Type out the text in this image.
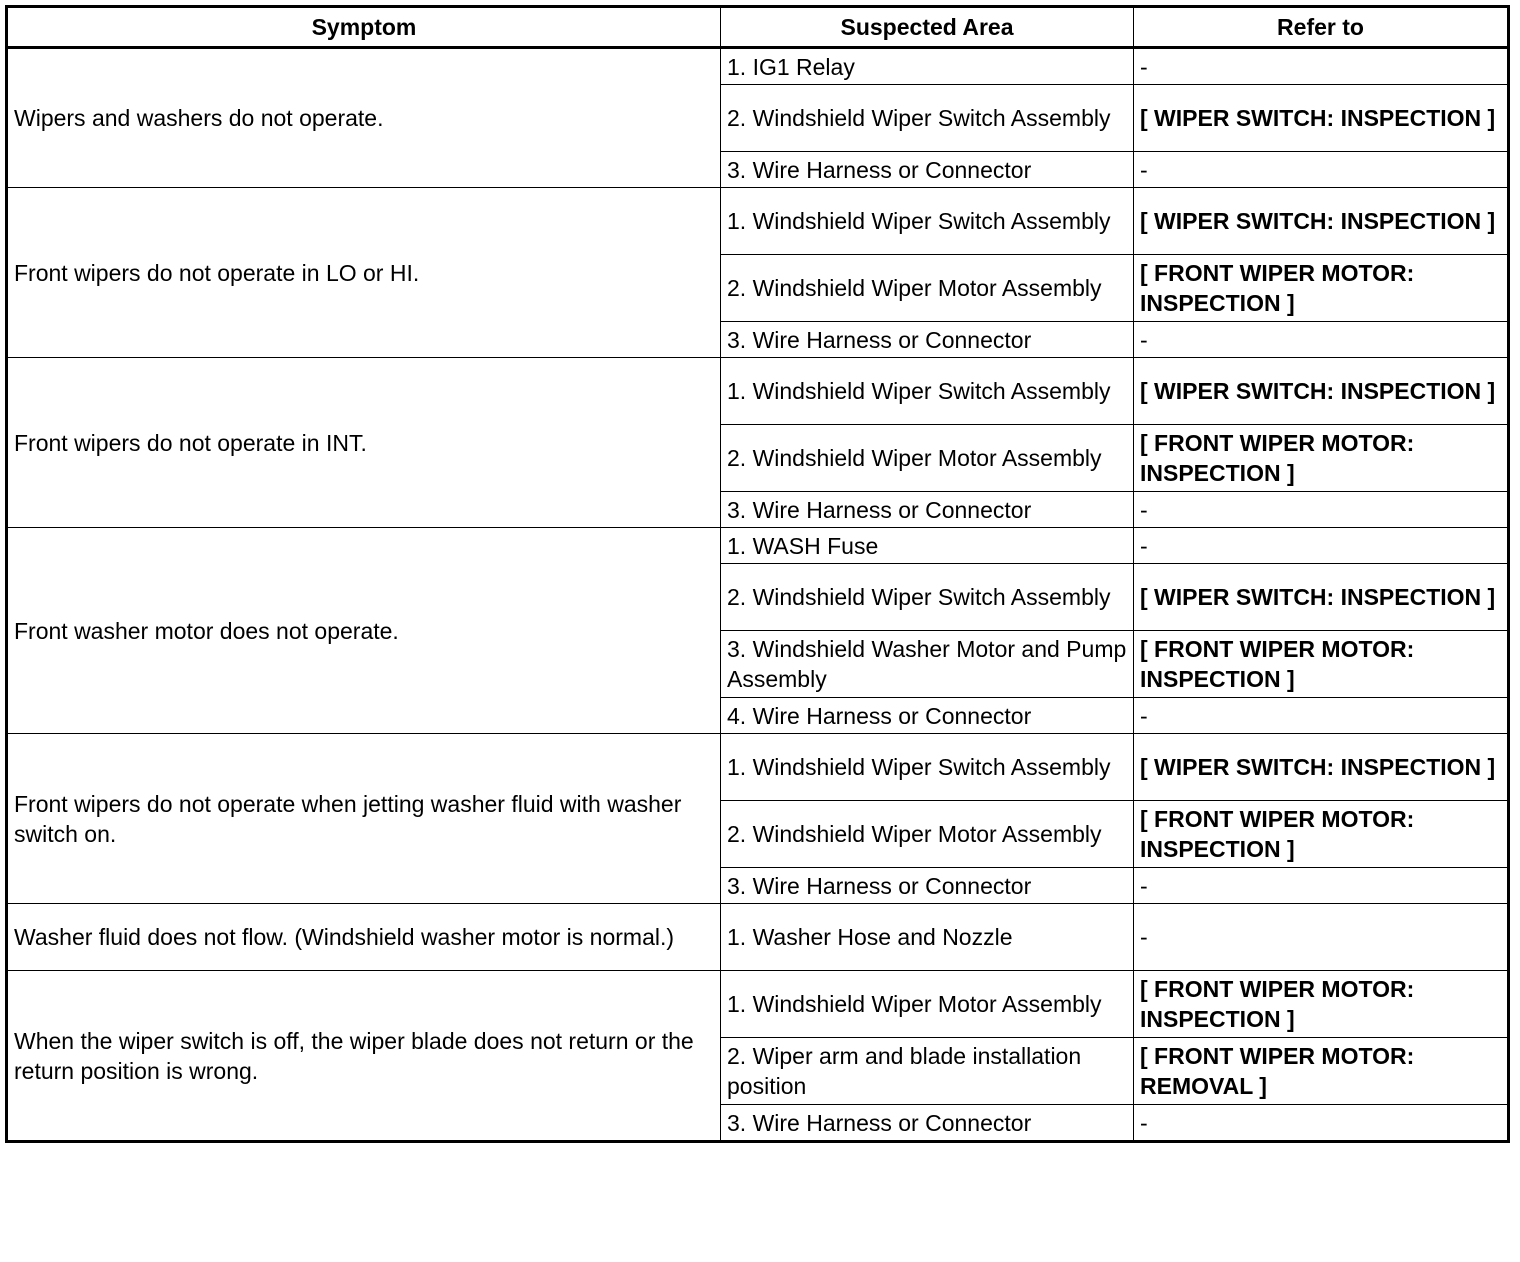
Symptom	Suspected Area	Refer to
Wipers and washers do not operate.	1. IG1 Relay	-
	2. Windshield Wiper Switch Assembly	[ WIPER SWITCH: INSPECTION ]
	3. Wire Harness or Connector	-
Front wipers do not operate in LO or HI.	1. Windshield Wiper Switch Assembly	[ WIPER SWITCH: INSPECTION ]
	2. Windshield Wiper Motor Assembly	[ FRONT WIPER MOTOR: INSPECTION ]
	3. Wire Harness or Connector	-
Front wipers do not operate in INT.	1. Windshield Wiper Switch Assembly	[ WIPER SWITCH: INSPECTION ]
	2. Windshield Wiper Motor Assembly	[ FRONT WIPER MOTOR: INSPECTION ]
	3. Wire Harness or Connector	-
Front washer motor does not operate.	1. WASH Fuse	-
	2. Windshield Wiper Switch Assembly	[ WIPER SWITCH: INSPECTION ]
	3. Windshield Washer Motor and Pump Assembly	[ FRONT WIPER MOTOR: INSPECTION ]
	4. Wire Harness or Connector	-
Front wipers do not operate when jetting washer fluid with washer switch on.	1. Windshield Wiper Switch Assembly	[ WIPER SWITCH: INSPECTION ]
	2. Windshield Wiper Motor Assembly	[ FRONT WIPER MOTOR: INSPECTION ]
	3. Wire Harness or Connector	-
Washer fluid does not flow. (Windshield washer motor is normal.)	1. Washer Hose and Nozzle	-
When the wiper switch is off, the wiper blade does not return or the return position is wrong.	1. Windshield Wiper Motor Assembly	[ FRONT WIPER MOTOR: INSPECTION ]
	2. Wiper arm and blade installation position	[ FRONT WIPER MOTOR: REMOVAL ]
	3. Wire Harness or Connector	-
